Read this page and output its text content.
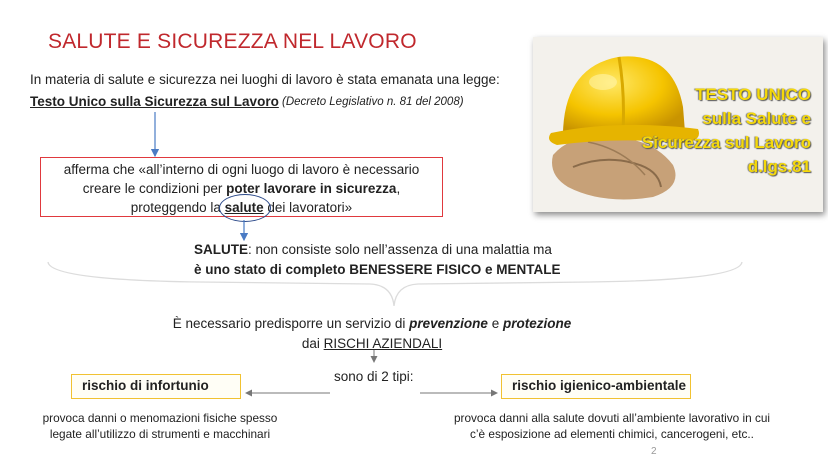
SALUTE E SICUREZZA NEL LAVORO
In materia di salute e sicurezza nei luoghi di lavoro è stata emanata una legge:
Testo Unico sulla Sicurezza sul Lavoro (Decreto Legislativo n. 81 del 2008)
afferma che «all’interno di ogni luogo di lavoro è necessario
creare le condizioni per poter lavorare in sicurezza,
proteggendo la salute dei lavoratori»
SALUTE: non consiste solo nell’assenza di una malattia ma
è uno stato di completo BENESSERE FISICO e MENTALE
È necessario predisporre un servizio di prevenzione e protezione
dai RISCHI AZIENDALI
sono di 2 tipi:
rischio di infortunio	rischio igienico-ambientale
provoca danni o menomazioni fisiche spesso legate all’utilizzo di strumenti e macchinari
provoca danni alla salute dovuti all’ambiente lavorativo in cui c’è esposizione ad elementi chimici, cancerogeni, etc..
2
TESTO UNICO
sulla Salute e
Sicurezza sul Lavoro
d.lgs.81
